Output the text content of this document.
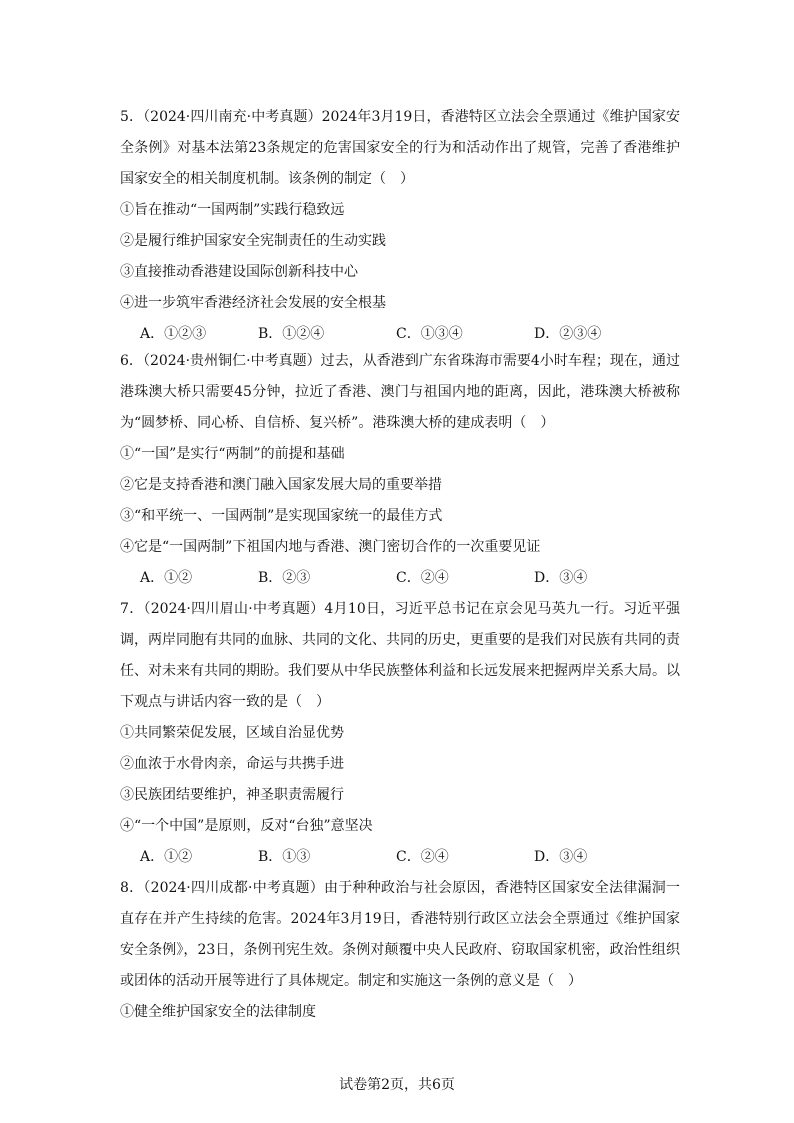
5．（2024·四川南充·中考真题）2024年3月19日，香港特区立法会全票通过《维护国家安全条例》对基本法第23条规定的危害国家安全的行为和活动作出了规管，完善了香港维护国家安全的相关制度机制。该条例的制定（　）

①旨在推动“一国两制”实践行稳致远

②是履行维护国家安全宪制责任的生动实践

③直接推动香港建设国际创新科技中心

④进一步筑牢香港经济社会发展的安全根基

A．①②③	B．①②④	C．①③④	D．②③④

6．（2024·贵州铜仁·中考真题）过去，从香港到广东省珠海市需要4小时车程；现在，通过港珠澳大桥只需要45分钟，拉近了香港、澳门与祖国内地的距离，因此，港珠澳大桥被称为“圆梦桥、同心桥、自信桥、复兴桥”。港珠澳大桥的建成表明（　）

①“一国”是实行“两制”的前提和基础

②它是支持香港和澳门融入国家发展大局的重要举措

③“和平统一、一国两制”是实现国家统一的最佳方式

④它是“一国两制”下祖国内地与香港、澳门密切合作的一次重要见证

A．①②	B．②③	C．②④	D．③④

7．（2024·四川眉山·中考真题）4月10日，习近平总书记在京会见马英九一行。习近平强调，两岸同胞有共同的血脉、共同的文化、共同的历史，更重要的是我们对民族有共同的责任、对未来有共同的期盼。我们要从中华民族整体利益和长远发展来把握两岸关系大局。以下观点与讲话内容一致的是（　）

①共同繁荣促发展，区域自治显优势

②血浓于水骨肉亲，命运与共携手进

③民族团结要维护，神圣职责需履行

④“一个中国”是原则，反对“台独”意坚决

A．①②	B．①③	C．②④	D．③④

8．（2024·四川成都·中考真题）由于种种政治与社会原因，香港特区国家安全法律漏洞一直存在并产生持续的危害。2024年3月19日，香港特别行政区立法会全票通过《维护国家安全条例》，23日，条例刊宪生效。条例对颠覆中央人民政府、窃取国家机密，政治性组织或团体的活动开展等进行了具体规定。制定和实施这一条例的意义是（　）

①健全维护国家安全的法律制度

试卷第2页，共6页
